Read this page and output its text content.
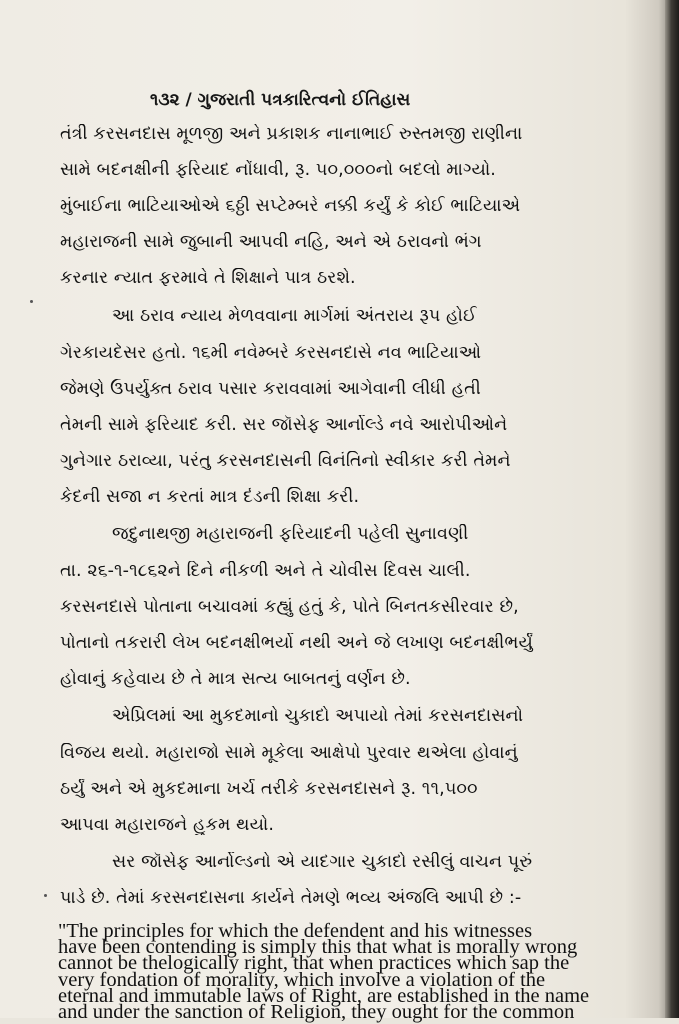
૧૩૨ / ગુજરાતી પત્રકારિત્વનો ઈતિહાસ
તંત્રી કરસનદાસ મૂળજી અને પ્રકાશક નાનાભાઈ રુસ્તમજી રાણીના
સામે બદનક્ષીની ફરિયાદ નોંધાવી, રૂ. ૫૦,૦૦૦નો બદલો માગ્યો.
મુંબાઈના ભાટિયાઓએ ૬ઠ્ઠી સપ્ટેમ્બરે નક્કી કર્યું કે કોઈ ભાટિયાએ
મહારાજની સામે જુબાની આપવી નહિ, અને એ ઠરાવનો ભંગ
કરનાર ન્યાત ફરમાવે તે શિક્ષાને પાત્ર ઠરશે.
આ ઠરાવ ન્યાય મેળવવાના માર્ગમાં અંતરાય રૂપ હોઈ
ગેરકાયદેસર હતો. ૧૬મી નવેમ્બરે કરસનદાસે નવ ભાટિયાઓ
જેમણે ઉપર્યુક્ત ઠરાવ પસાર કરાવવામાં આગેવાની લીધી હતી
તેમની સામે ફરિયાદ કરી. સર જૉસેફ આર્નોલ્ડે નવે આરોપીઓને
ગુનેગાર ઠરાવ્યા, પરંતુ કરસનદાસની વિનંતિનો સ્વીકાર કરી તેમને
કેદની સજા ન કરતાં માત્ર દંડની શિક્ષા કરી.
જદુનાથજી મહારાજની ફરિયાદની પહેલી સુનાવણી
તા. ૨૬-૧-૧૮૬૨ને દિને નીકળી અને તે ચોવીસ દિવસ ચાલી.
કરસનદાસે પોતાના બચાવમાં કહ્યું હતું કે, પોતે બિનતકસીરવાર છે,
પોતાનો તકરારી લેખ બદનક્ષીભર્યો નથી અને જે લખાણ બદનક્ષીભર્યું
હોવાનું કહેવાય છે તે માત્ર સત્ય બાબતનું વર્ણન છે.
એપ્રિલમાં આ મુકદમાનો ચુકાદો અપાયો તેમાં કરસનદાસનો
વિજય થયો. મહારાજો સામે મૂકેલા આક્ષેપો પુરવાર થએલા હોવાનું
ઠર્યું અને એ મુકદમાના ખર્ચ તરીકે કરસનદાસને રૂ. ૧૧,૫૦૦
આપવા મહારાજને હુકમ થયો.
સર જૉસેફ આર્નોલ્ડનો એ યાદગાર ચુકાદો રસીલું વાચન પૂરું
પાડે છે. તેમાં કરસનદાસના કાર્યને તેમણે ભવ્ય અંજલિ આપી છે :-
"The principles for which the defendent and his witnesses
have been contending is simply this that what is morally wrong
cannot be thelogically right, that when practices which sap the
very fondation of morality, which involve a violation of the
eternal and immutable laws of Right, are established in the name
and under the sanction of Religion, they ought for the common
